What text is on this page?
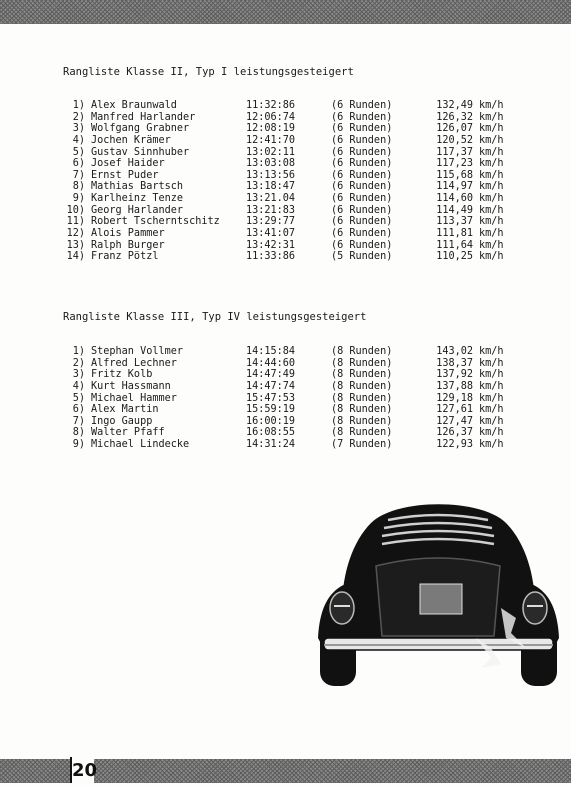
Rangliste Klasse II, Typ I leistungsgesteigert
1) Alex Braunwald	11:32:86	(6 Runden)	132,49 km/h
2) Manfred Harlander	12:06:74	(6 Runden)	126,32 km/h
3) Wolfgang Grabner	12:08:19	(6 Runden)	126,07 km/h
4) Jochen Krämer	12:41:70	(6 Runden)	120,52 km/h
5) Gustav Sinnhuber	13:02:11	(6 Runden)	117,37 km/h
6) Josef Haider	13:03:08	(6 Runden)	117,23 km/h
7) Ernst Puder	13:13:56	(6 Runden)	115,68 km/h
8) Mathias Bartsch	13:18:47	(6 Runden)	114,97 km/h
9) Karlheinz Tenze	13:21.04	(6 Runden)	114,60 km/h
10) Georg Harlander	13:21:83	(6 Runden)	114,49 km/h
11) Robert Tscherntschitz	13:29:77	(6 Runden)	113,37 km/h
12) Alois Pammer	13:41:07	(6 Runden)	111,81 km/h
13) Ralph Burger	13:42:31	(6 Runden)	111,64 km/h
14) Franz Pötzl	11:33:86	(5 Runden)	110,25 km/h
Rangliste Klasse III, Typ IV leistungsgesteigert
1) Stephan Vollmer	14:15:84	(8 Runden)	143,02 km/h
2) Alfred Lechner	14:44:60	(8 Runden)	138,37 km/h
3) Fritz Kolb	14:47:49	(8 Runden)	137,92 km/h
4) Kurt Hassmann	14:47:74	(8 Runden)	137,88 km/h
5) Michael Hammer	15:47:53	(8 Runden)	129,18 km/h
6) Alex Martin	15:59:19	(8 Runden)	127,61 km/h
7) Ingo Gaupp	16:00:19	(8 Runden)	127,47 km/h
8) Walter Pfaff	16:08:55	(8 Runden)	126,37 km/h
9) Michael Lindecke	14:31:24	(7 Runden)	122,93 km/h
20
